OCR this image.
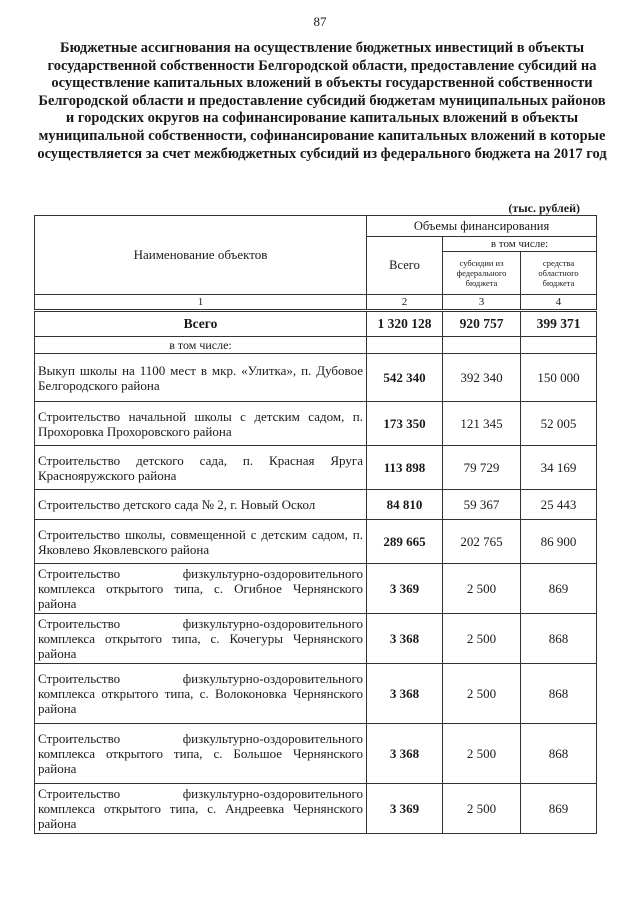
87
Бюджетные ассигнования на осуществление бюджетных инвестиций в объекты государственной собственности Белгородской области, предоставление субсидий на осуществление капитальных вложений в объекты государственной собственности Белгородской области и предоставление субсидий бюджетам муниципальных районов и городских округов на софинансирование капитальных вложений в объекты муниципальной собственности, софинансирование капитальных вложений в которые осуществляется за счет межбюджетных субсидий из федерального бюджета на 2017 год
(тыс. рублей)
Наименование объектов	Объемы финансирования		
	Всего	в том числе:	
		субсидии из федерального бюджета	средства областного бюджета
1	2	3	4
Всего	1 320 128	920 757	399 371
в том числе:			
Выкуп школы на 1100 мест в мкр. «Улитка», п. Дубовое Белгородского района	542 340	392 340	150 000
Строительство начальной школы с детским садом, п. Прохоровка Прохоровского района	173 350	121 345	52 005
Строительство детского сада, п. Красная Яруга Краснояружского района	113 898	79 729	34 169
Строительство детского сада № 2, г. Новый Оскол	84 810	59 367	25 443
Строительство школы, совмещенной с детским садом, п. Яковлево Яковлевского района	289 665	202 765	86 900
Строительство физкультурно-оздоровительного комплекса открытого типа, с. Огибное Чернянского района	3 369	2 500	869
Строительство физкультурно-оздоровительного комплекса открытого типа, с. Кочегуры Чернянского района	3 368	2 500	868
Строительство физкультурно-оздоровительного комплекса открытого типа, с. Волоконовка Чернянского района	3 368	2 500	868
Строительство физкультурно-оздоровительного комплекса открытого типа, с. Большое Чернянского района	3 368	2 500	868
Строительство физкультурно-оздоровительного комплекса открытого типа, с. Андреевка Чернянского района	3 369	2 500	869
